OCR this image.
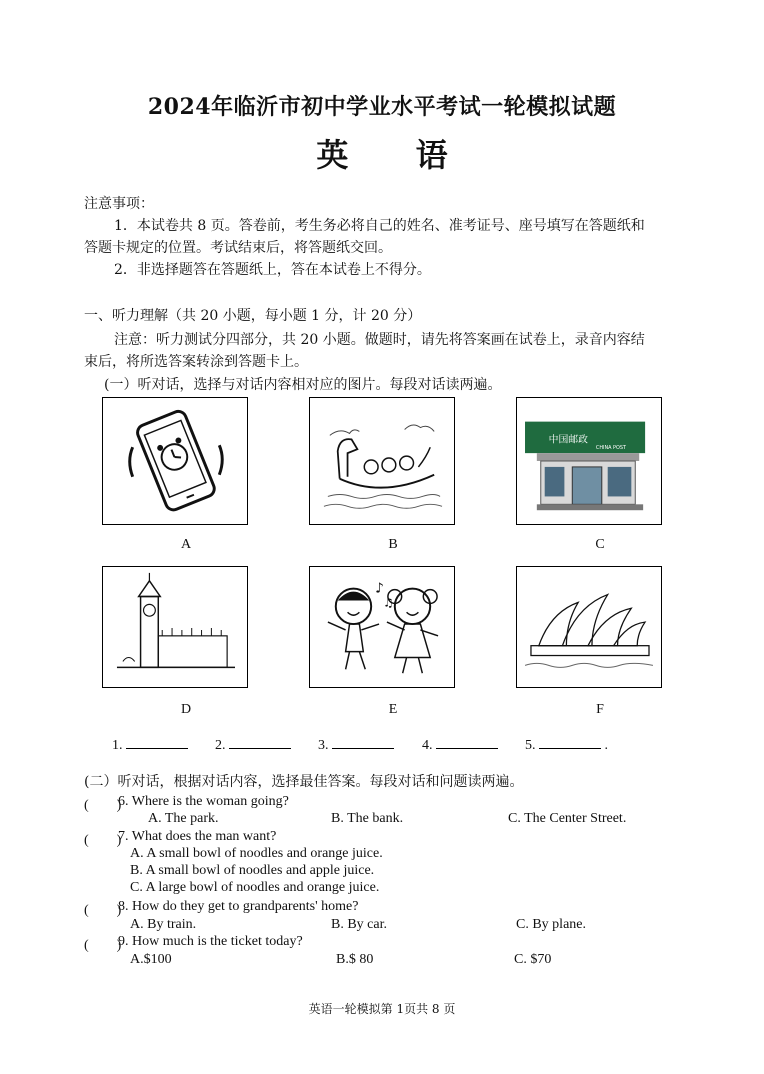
2024年临沂市初中学业水平考试一轮模拟试题
英 语
注意事项：
1．本试卷共 8 页。答卷前，考生务必将自己的姓名、准考证号、座号填写在答题纸和
答题卡规定的位置。考试结束后，将答题纸交回。
2．非选择题答在答题纸上，答在本试卷上不得分。
一、听力理解（共 20 小题，每小题 1 分，计 20 分）
注意：听力测试分四部分，共 20 小题。做题时，请先将答案画在试卷上，录音内容结
束后，将所选答案转涂到答题卡上。
(一）听对话，选择与对话内容相对应的图片。每段对话读两遍。
A	B
中国邮政
CHINA POST
C
D
♪
♫
E	F
1.	2.	3.	4.	5.	.
(二）听对话，根据对话内容，选择最佳答案。每段对话和问题读两遍。
(　　)
6. Where is the woman going?
A. The park.	B. The bank.	C. The Center Street.
(　　)
7. What does the man want?
A. A small bowl of noodles and orange juice.
B. A small bowl of noodles and apple juice.
C. A large bowl of noodles and orange juice.
(　　)
8. How do they get to grandparents' home?
A. By train.	B. By car.	C. By plane.
(　　)
9. How much is the ticket today?
A.$100	B.$ 80	C. $70
英语一轮模拟第 1页共 8 页
